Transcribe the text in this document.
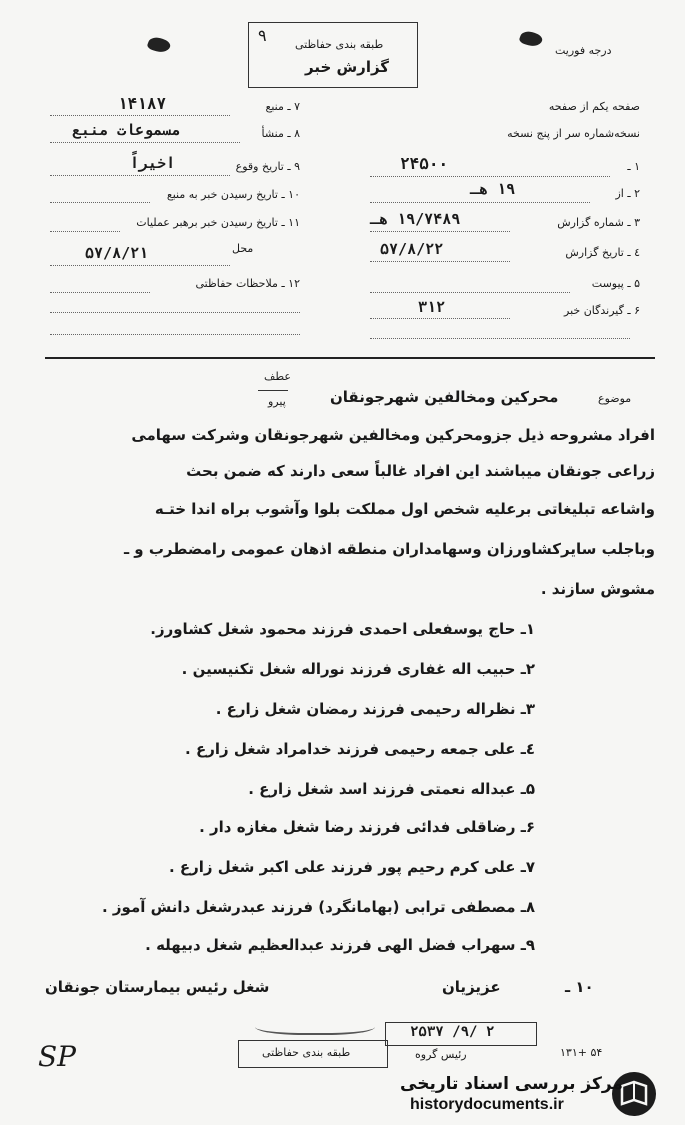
۹	طبقه بندی حفاظتی
گزارش خبر
درجه فوریت
صفحه یکم از صفحه
نسخه‌شماره سر از پنج نسخه
۱ ـ
۲۴۵۰۰
۲ ـ از
۱۹ هـ
۳ ـ شماره گزارش
۱۹/۷۴۸۹ هـ
٤ ـ تاریخ گزارش
۵۷/۸/۲۲
۵ ـ پیوست
۶ ـ گیرندگان خبر
۳۱۲
۷ ـ منبع
۱۴۱۸۷
۸ ـ منشأ
مسموعات منبع
۹ ـ تاریخ وقوع
اخیراً
۱۰ ـ تاریخ رسیدن خبر به منبع
۱۱ ـ تاریخ رسیدن خبر برهبر عملیات
محل
۵۷/۸/۲۱
۱۲ ـ ملاحظات حفاظتی
موضوع
محرکین ومخالفین شهرجونقان
عطف
پیرو
افراد مشروحه ذیل جزومحرکین ومخالفین شهرجونقان وشرکت سهامی
زراعی جونقان میباشند این افراد غالباً سعی دارند که ضمن بحث
واشاعه تبلیغاتی برعلیه شخص اول مملکت بلوا وآشوب براه اندا ختـه
وباجلب سایرکشاورزان وسهامداران منطقه اذهان عمومی رامضطرب و ـ
مشوش سازند .
۱ـ حاج یوسفعلی احمدی فرزند محمود شغل کشاورز.
۲ـ حبیب اله غفاری فرزند نوراله شغل تکنیسین .
۳ـ نظراله رحیمی فرزند رمضان شغل زارع .
٤ـ علی جمعه رحیمی فرزند خدامراد شغل زارع .
۵ـ عبداله نعمتی فرزند اسد شغل زارع .
۶ـ رضاقلی فدائی فرزند رضا شغل مغازه دار .
۷ـ علی کرم رحیم پور فرزند علی اکبر شغل زارع .
۸ـ مصطفی ترابی (بهامانگرد) فرزند عبدرشغل دانش آموز .
۹ـ سهراب فضل الهی فرزند عبدالعظیم شغل دبیهله .
۱۰ ـ
عزیزیان
شغل رئیس بیمارستان جونقان
۲۵۳۷ /۹/ ۲
طبقه بندی حفاظتی	رئیس گروه	۱۳۱+ ۵۴
SP
مرکز بررسی اسناد تاریخی
historydocuments.ir
